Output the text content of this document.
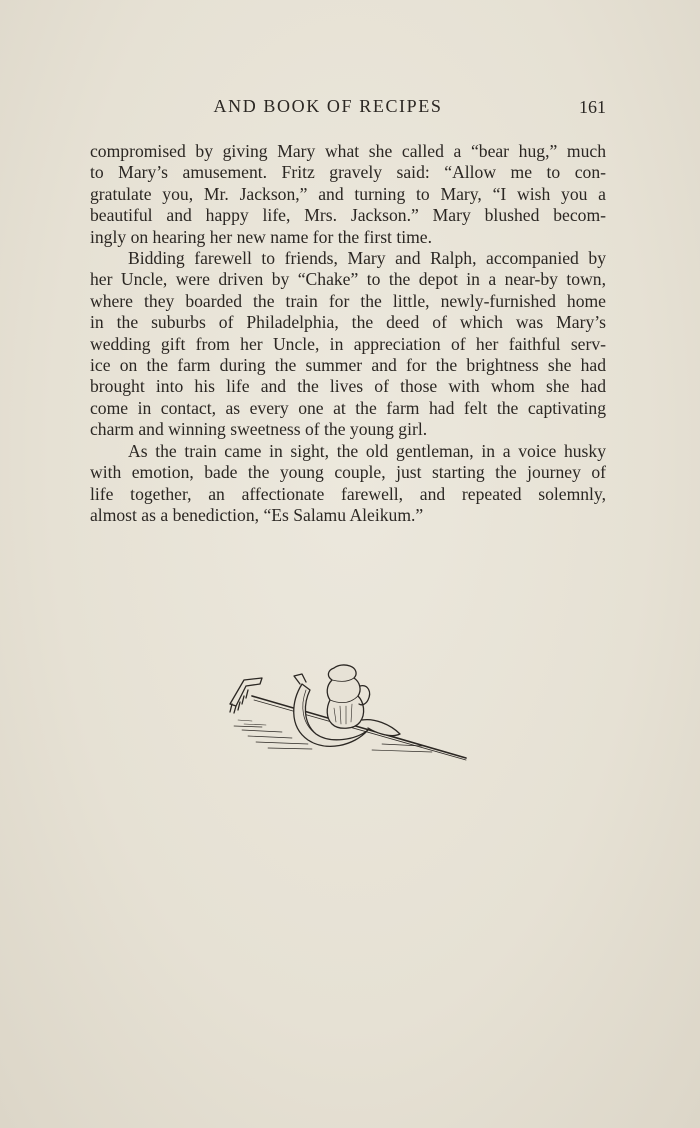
AND BOOK OF RECIPES	161

compromised by giving Mary what she called a “bear hug,” much
to Mary’s amusement. Fritz gravely said: “Allow me to con-
gratulate you, Mr. Jackson,” and turning to Mary, “I wish you a
beautiful and happy life, Mrs. Jackson.” Mary blushed becom-
ingly on hearing her new name for the first time.

Bidding farewell to friends, Mary and Ralph, accompanied by
her Uncle, were driven by “Chake” to the depot in a near-by town,
where they boarded the train for the little, newly-furnished home
in the suburbs of Philadelphia, the deed of which was Mary’s
wedding gift from her Uncle, in appreciation of her faithful serv-
ice on the farm during the summer and for the brightness she had
brought into his life and the lives of those with whom she had
come in contact, as every one at the farm had felt the captivating
charm and winning sweetness of the young girl.

As the train came in sight, the old gentleman, in a voice husky
with emotion, bade the young couple, just starting the journey of
life together, an affectionate farewell, and repeated solemnly,
almost as a benediction, “Es Salamu Aleikum.”
